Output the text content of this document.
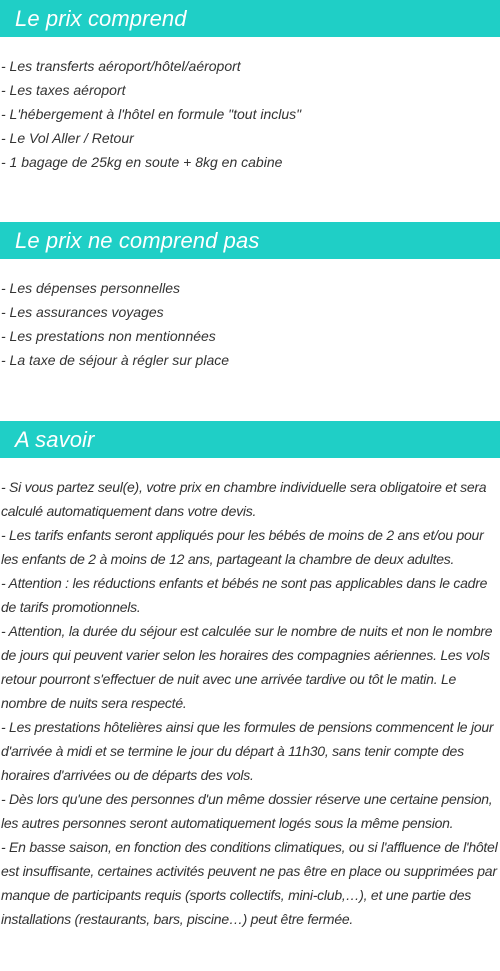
Le prix comprend
- Les transferts aéroport/hôtel/aéroport
- Les taxes aéroport
- L'hébergement à l'hôtel en formule "tout inclus"
- Le Vol Aller / Retour
- 1 bagage de 25kg en soute + 8kg en cabine
Le prix ne comprend pas
- Les dépenses personnelles
- Les assurances voyages
- Les prestations non mentionnées
- La taxe de séjour à régler sur place
A savoir
- Si vous partez seul(e), votre prix en chambre individuelle sera obligatoire et sera calculé automatiquement dans votre devis.
- Les tarifs enfants seront appliqués pour les bébés de moins de 2 ans et/ou pour les enfants de 2 à moins de 12 ans, partageant la chambre de deux adultes.
- Attention : les réductions enfants et bébés ne sont pas applicables dans le cadre de tarifs promotionnels.
- Attention, la durée du séjour est calculée sur le nombre de nuits et non le nombre de jours qui peuvent varier selon les horaires des compagnies aériennes. Les vols retour pourront s'effectuer de nuit avec une arrivée tardive ou tôt le matin. Le nombre de nuits sera respecté.
- Les prestations hôtelières ainsi que les formules de pensions commencent le jour d'arrivée à midi et se termine le jour du départ à 11h30, sans tenir compte des horaires d'arrivées ou de départs des vols.
- Dès lors qu'une des personnes d'un même dossier réserve une certaine pension, les autres personnes seront automatiquement logés sous la même pension.
- En basse saison, en fonction des conditions climatiques, ou si l'affluence de l'hôtel est insuffisante, certaines activités peuvent ne pas être en place ou supprimées par manque de participants requis (sports collectifs, mini-club,…), et une partie des installations (restaurants, bars, piscine…) peut être fermée.
